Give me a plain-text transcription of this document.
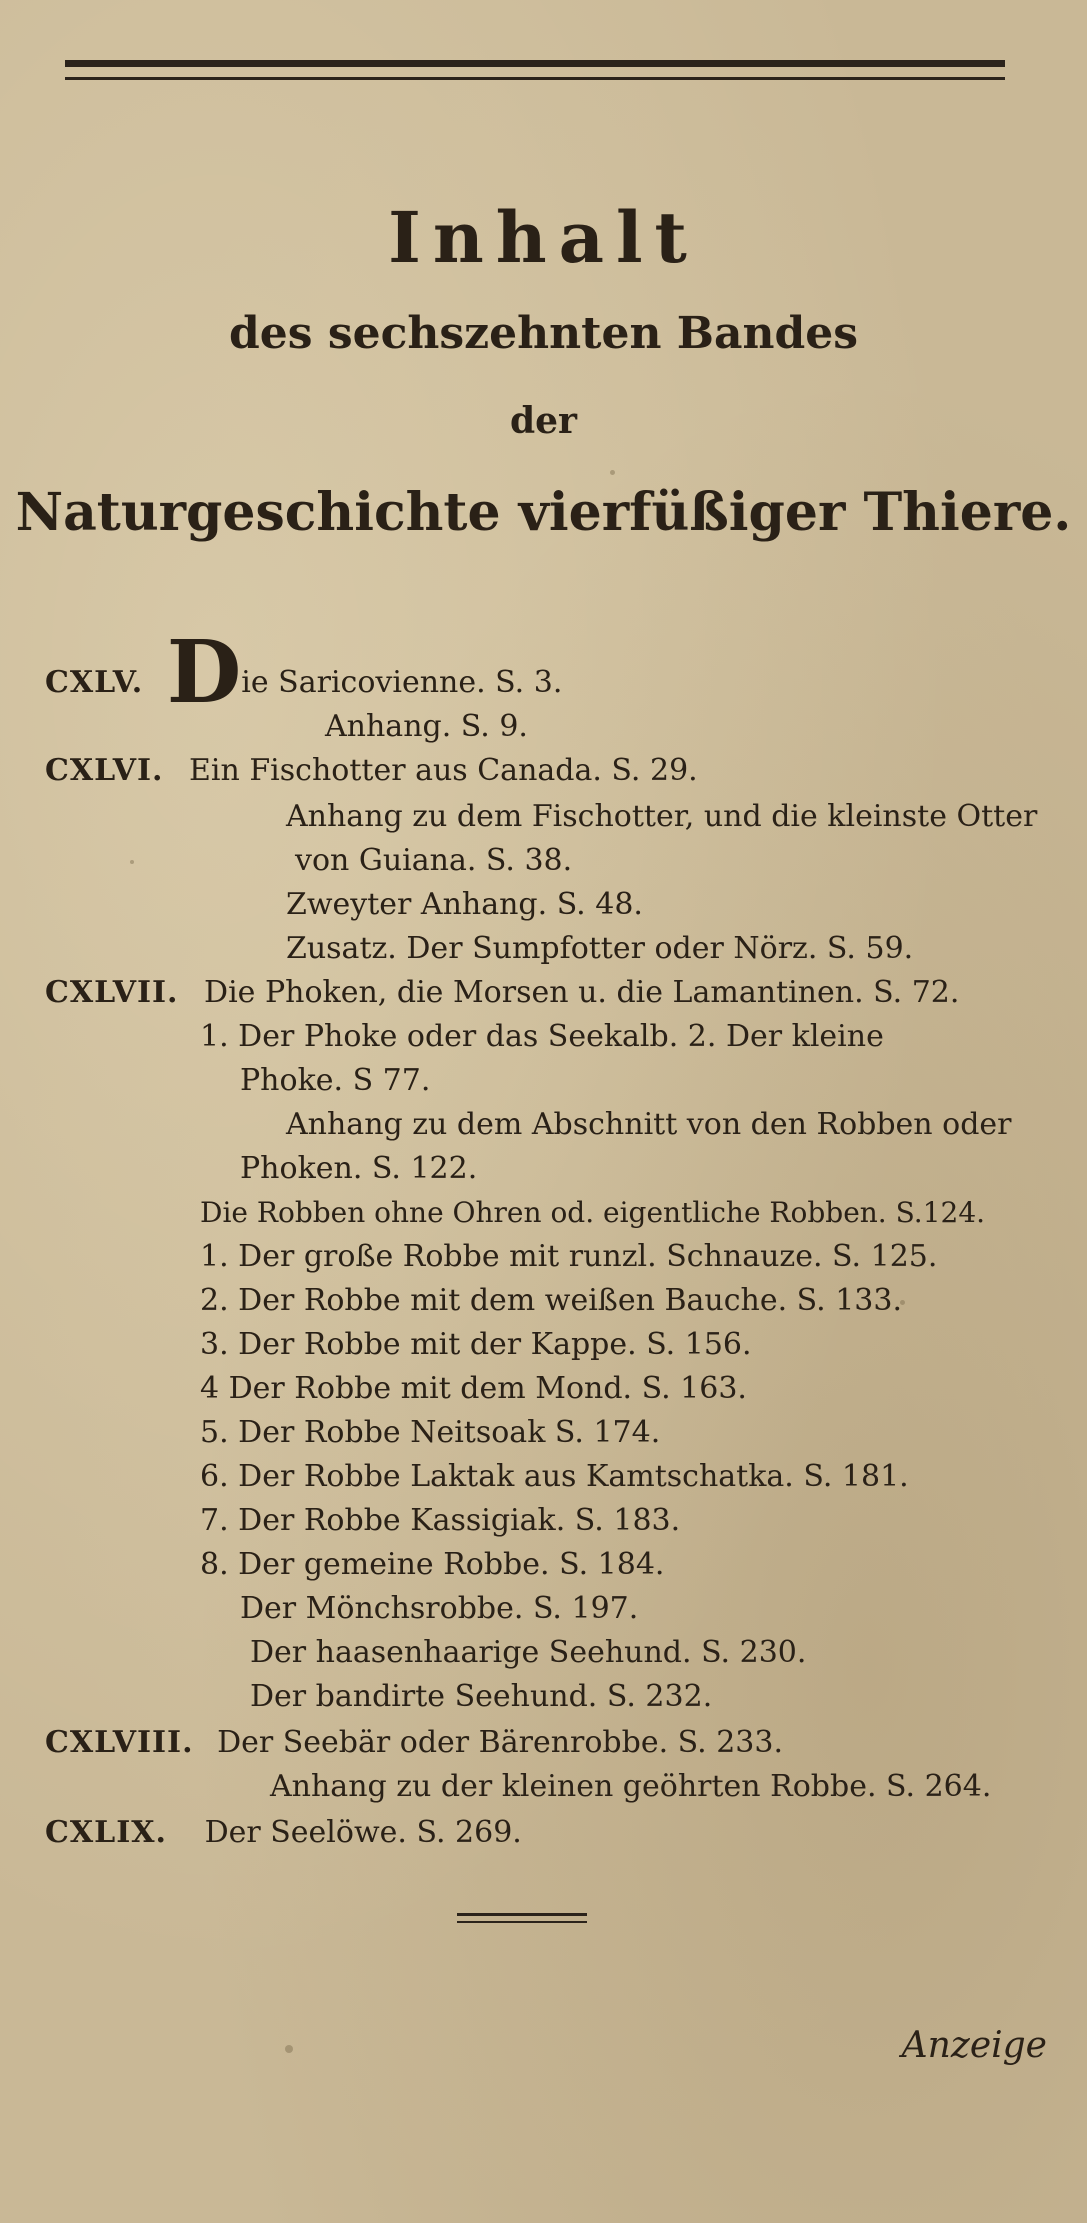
Inhalt
des sechszehnten Bandes
der
Naturgeschichte vierfüßiger Thiere.
CXLV. Die Saricovienne. S. 3.
Anhang. S. 9.
CXLVI. Ein Fischotter aus Canada. S. 29.
Anhang zu dem Fischotter, und die kleinste Otter
von Guiana. S. 38.
Zweyter Anhang. S. 48.
Zusatz. Der Sumpfotter oder Nörz. S. 59.
CXLVII. Die Phoken, die Morsen u. die Lamantinen. S. 72.
1. Der Phoke oder das Seekalb. 2. Der kleine
Phoke. S 77.
Anhang zu dem Abschnitt von den Robben oder
Phoken. S. 122.
Die Robben ohne Ohren od. eigentliche Robben. S.124.
1. Der große Robbe mit runzl. Schnauze. S. 125.
2. Der Robbe mit dem weißen Bauche. S. 133.
3. Der Robbe mit der Kappe. S. 156.
4 Der Robbe mit dem Mond. S. 163.
5. Der Robbe Neitsoak S. 174.
6. Der Robbe Laktak aus Kamtschatka. S. 181.
7. Der Robbe Kassigiak. S. 183.
8. Der gemeine Robbe. S. 184.
Der Mönchsrobbe. S. 197.
Der haasenhaarige Seehund. S. 230.
Der bandirte Seehund. S. 232.
CXLVIII. Der Seebär oder Bärenrobbe. S. 233.
Anhang zu der kleinen geöhrten Robbe. S. 264.
CXLIX. Der Seelöwe. S. 269.
Anzeige
